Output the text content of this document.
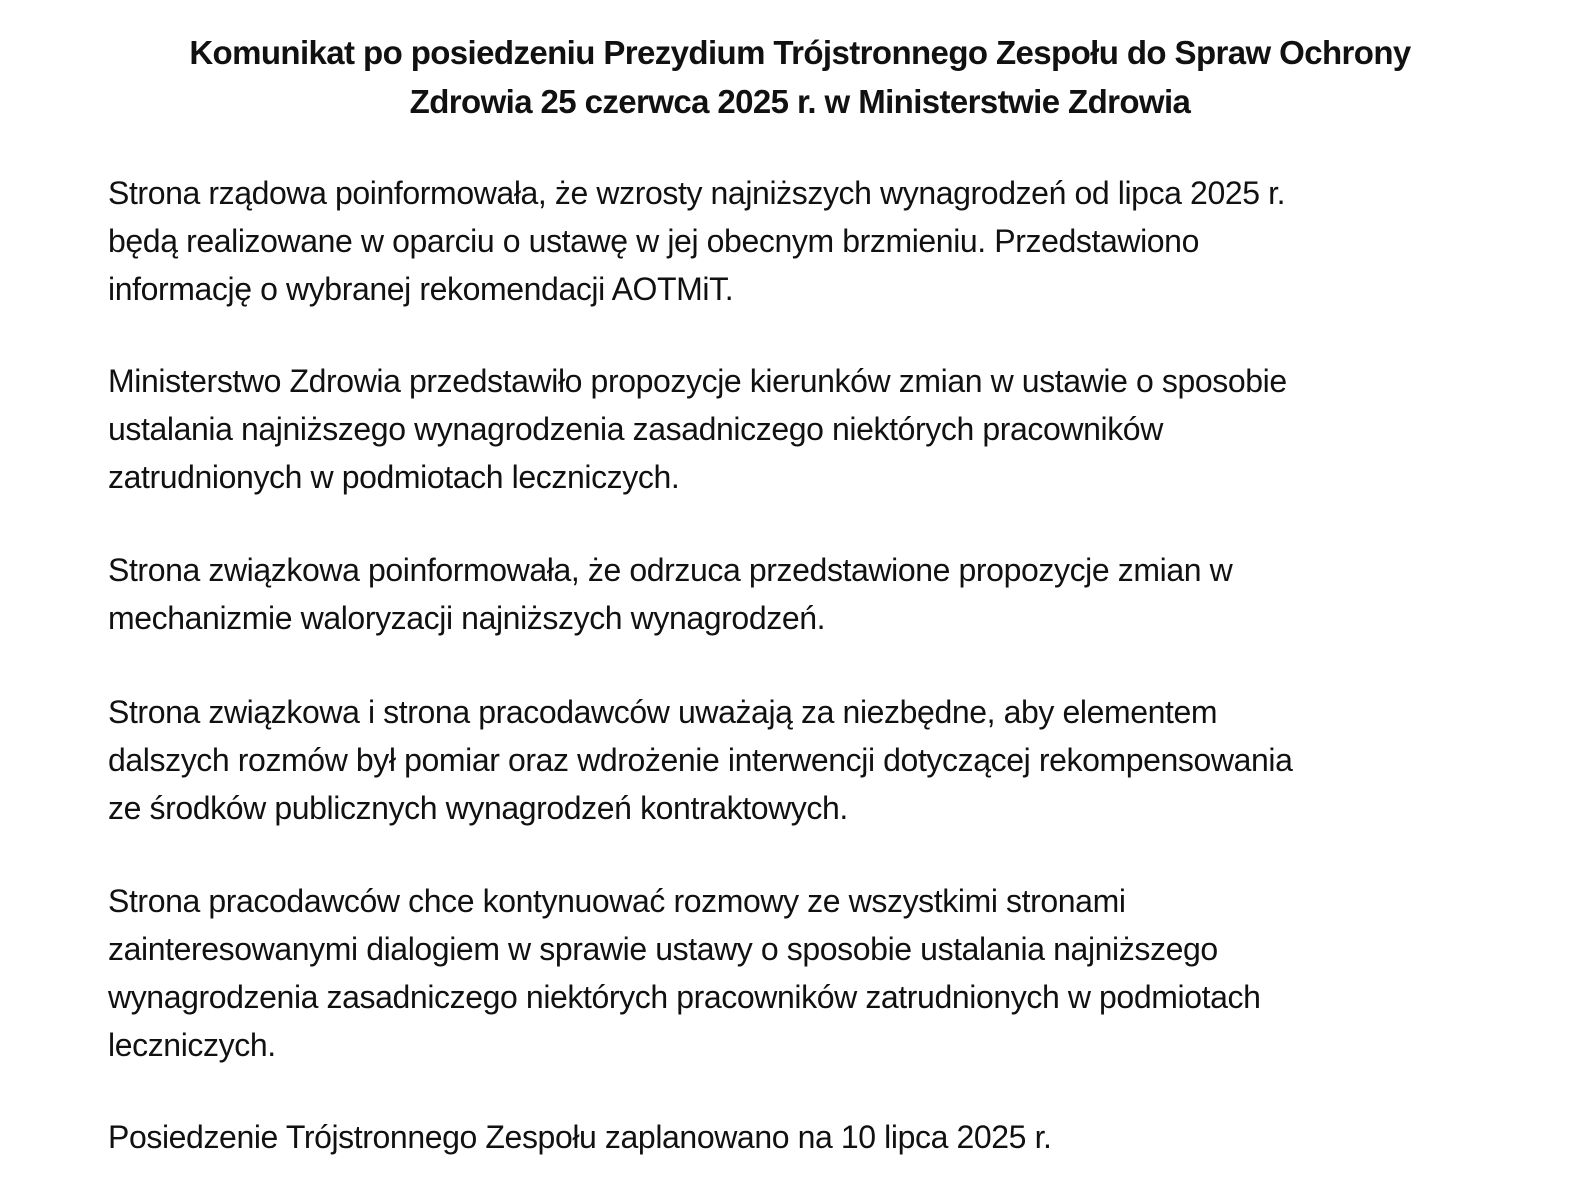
Komunikat po posiedzeniu Prezydium Trójstronnego Zespołu do Spraw Ochrony
Zdrowia 25 czerwca 2025 r. w Ministerstwie Zdrowia

Strona rządowa poinformowała, że wzrosty najniższych wynagrodzeń od lipca 2025 r.
będą realizowane w oparciu o ustawę w jej obecnym brzmieniu. Przedstawiono
informację o wybranej rekomendacji AOTMiT.

Ministerstwo Zdrowia przedstawiło propozycje kierunków zmian w ustawie o sposobie
ustalania najniższego wynagrodzenia zasadniczego niektórych pracowników
zatrudnionych w podmiotach leczniczych.

Strona związkowa poinformowała, że odrzuca przedstawione propozycje zmian w
mechanizmie waloryzacji najniższych wynagrodzeń.

Strona związkowa i strona pracodawców uważają za niezbędne, aby elementem
dalszych rozmów był pomiar oraz wdrożenie interwencji dotyczącej rekompensowania
ze środków publicznych wynagrodzeń kontraktowych.

Strona pracodawców chce kontynuować rozmowy ze wszystkimi stronami
zainteresowanymi dialogiem w sprawie ustawy o sposobie ustalania najniższego
wynagrodzenia zasadniczego niektórych pracowników zatrudnionych w podmiotach
leczniczych.

Posiedzenie Trójstronnego Zespołu zaplanowano na 10 lipca 2025 r.
